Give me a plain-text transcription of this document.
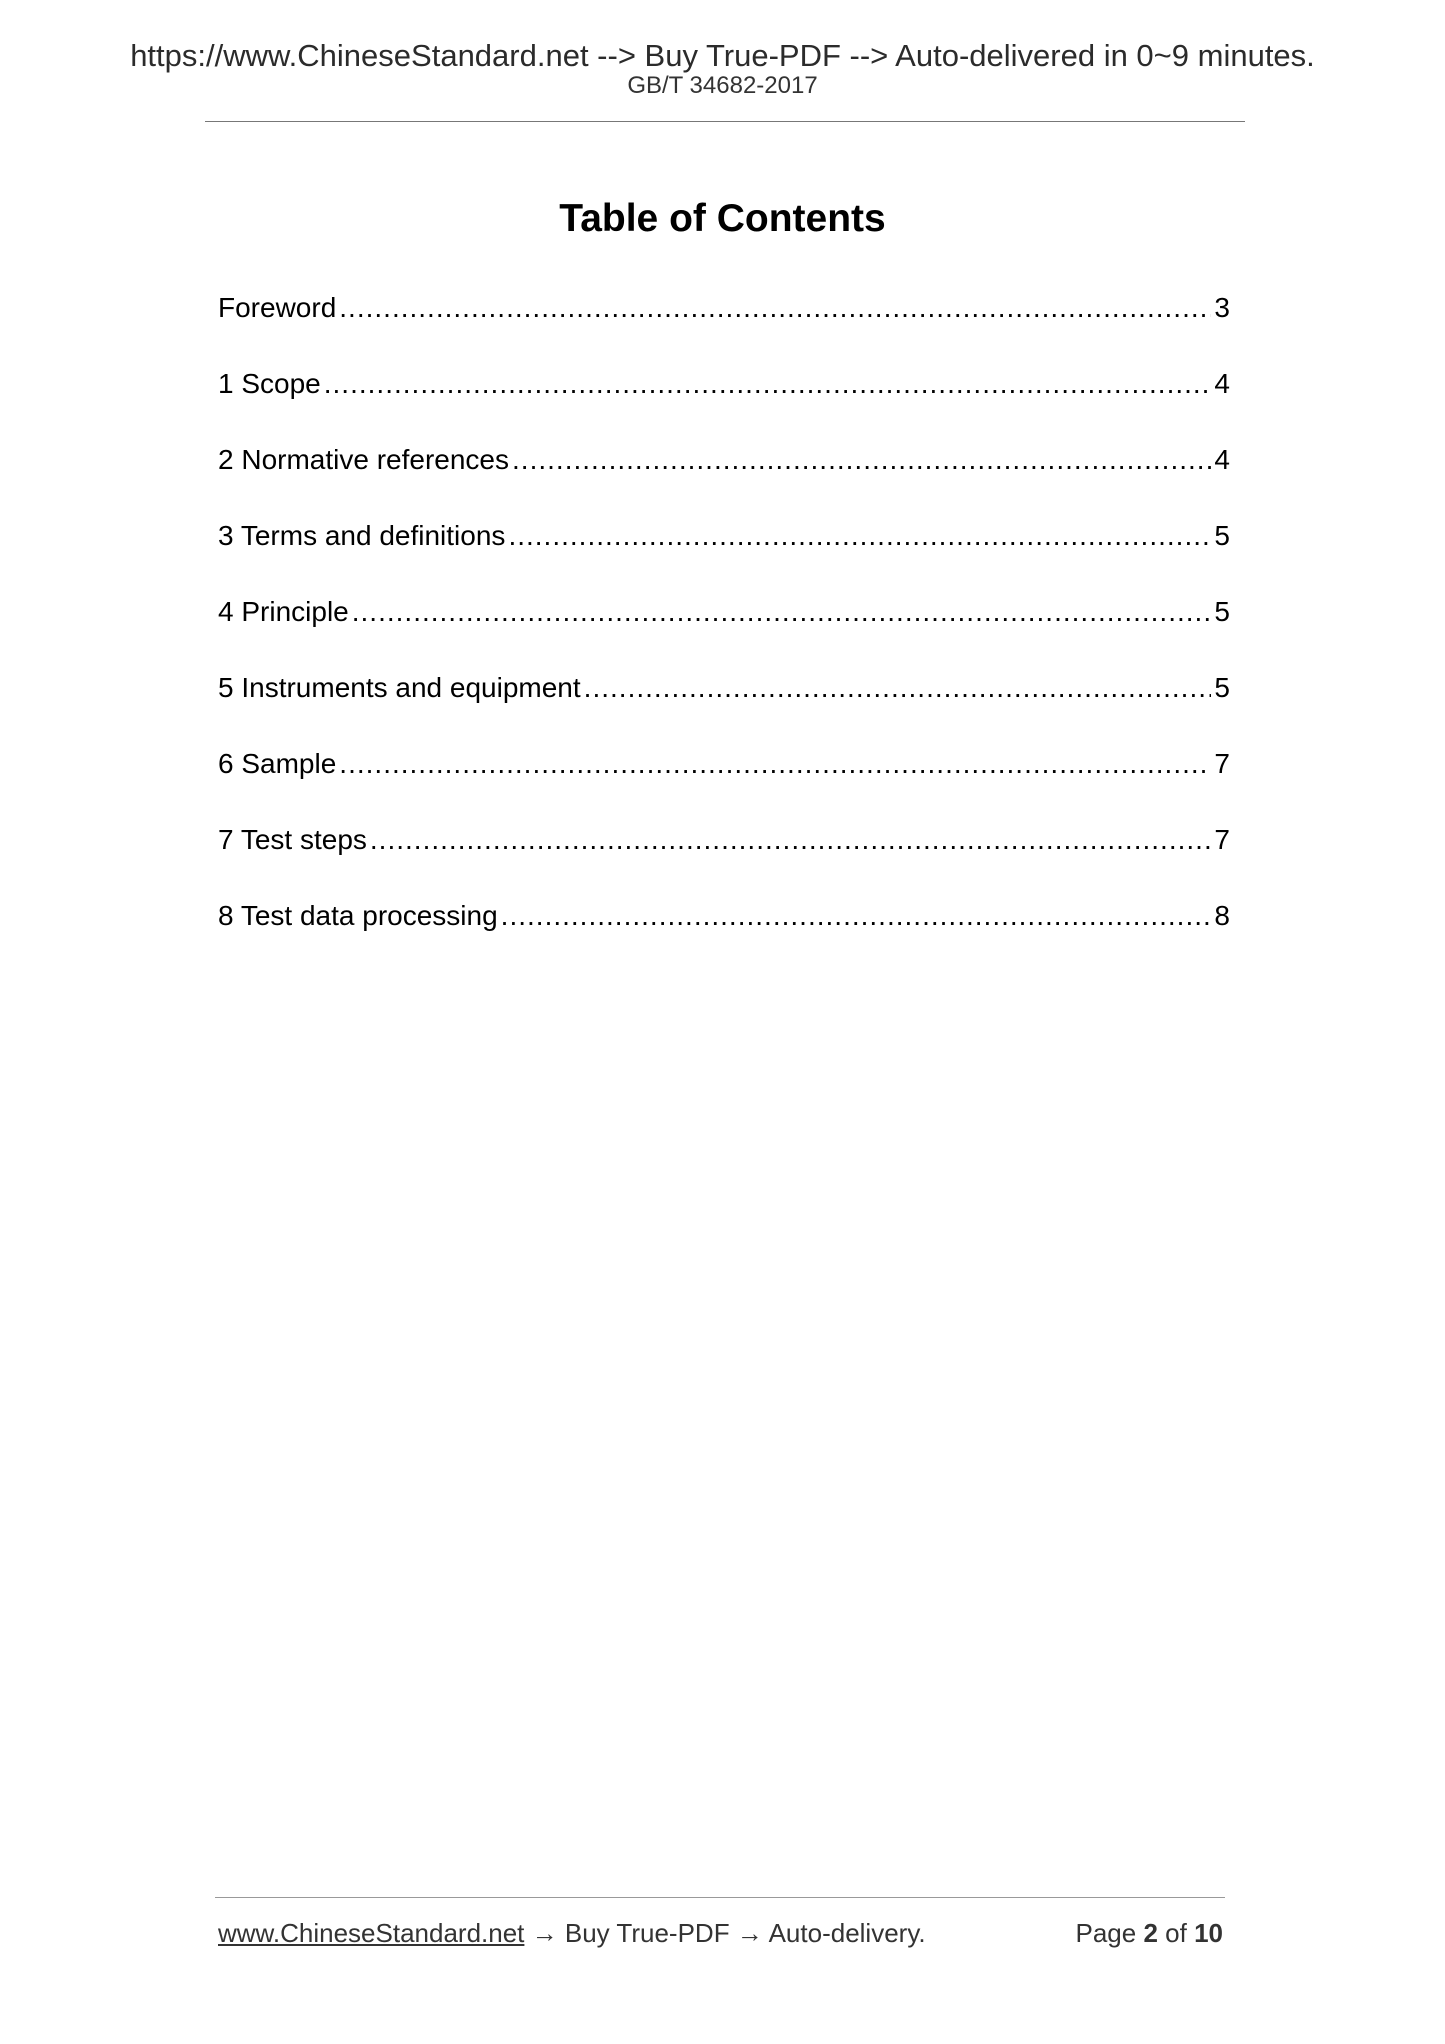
https://www.ChineseStandard.net --> Buy True-PDF --> Auto-delivered in 0~9 minutes.
GB/T 34682-2017
Table of Contents
Foreword .....	3
1 Scope .....	4
2 Normative references .....	4
3 Terms and definitions .....	5
4 Principle .....	5
5 Instruments and equipment .....	5
6 Sample .....	7
7 Test steps .....	7
8 Test data processing .....	8
www.ChineseStandard.net → Buy True-PDF → Auto-delivery.	Page 2 of 10
